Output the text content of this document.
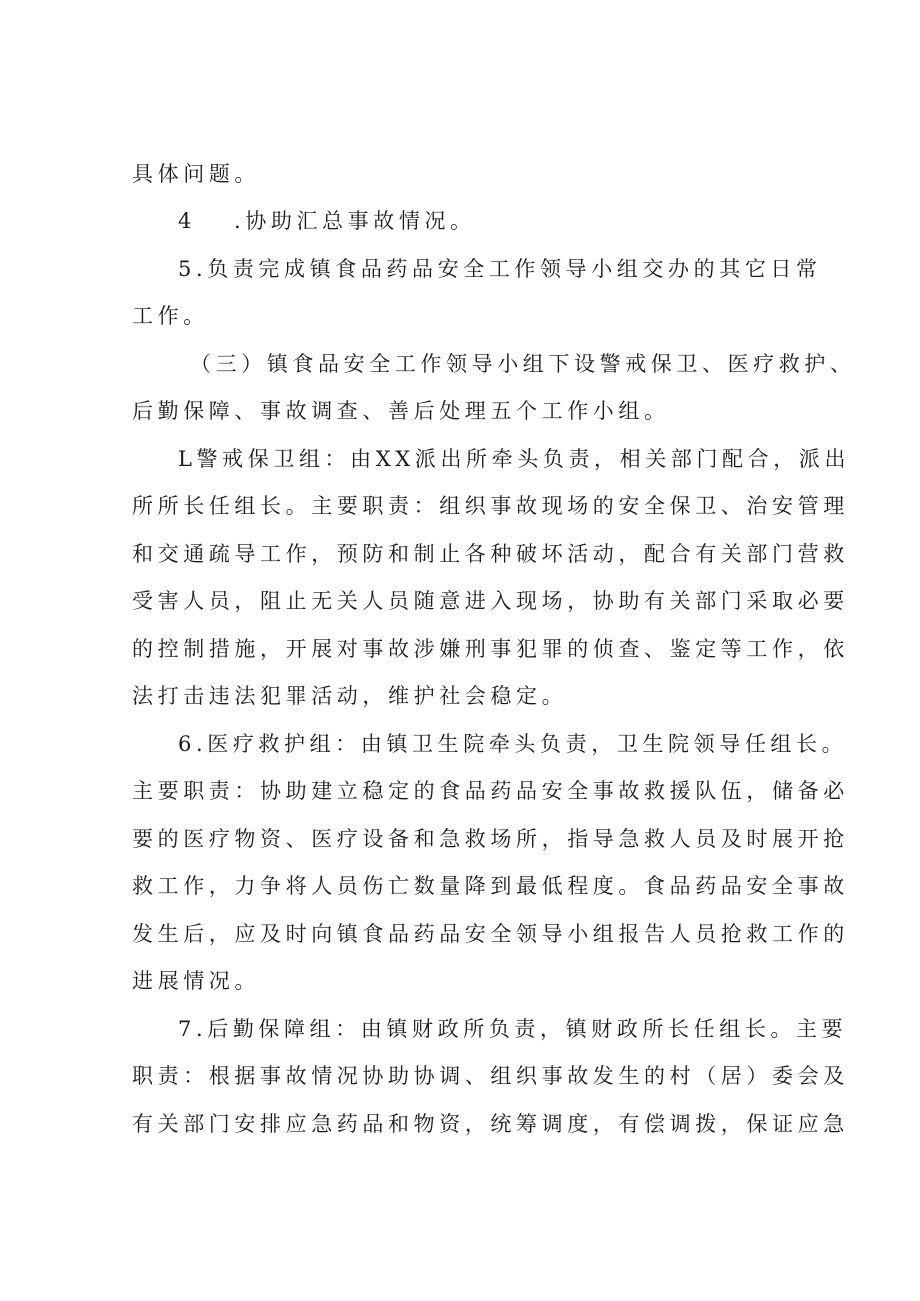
具体问题。
4 .协助汇总事故情况。
5.负责完成镇食品药品安全工作领导小组交办的其它日常
工作。
（三）镇食品安全工作领导小组下设警戒保卫、医疗救护、
后勤保障、事故调查、善后处理五个工作小组。
L警戒保卫组：由XX派出所牵头负责，相关部门配合，派出
所所长任组长。主要职责：组织事故现场的安全保卫、治安管理
和交通疏导工作，预防和制止各种破坏活动，配合有关部门营救
受害人员，阻止无关人员随意进入现场，协助有关部门采取必要
的控制措施，开展对事故涉嫌刑事犯罪的侦查、鉴定等工作，依
法打击违法犯罪活动，维护社会稳定。
6.医疗救护组：由镇卫生院牵头负责，卫生院领导任组长。
主要职责：协助建立稳定的食品药品安全事故救援队伍，储备必
要的医疗物资、医疗设备和急救场所，指导急救人员及时展开抢
救工作，力争将人员伤亡数量降到最低程度。食品药品安全事故
发生后，应及时向镇食品药品安全领导小组报告人员抢救工作的
进展情况。
7.后勤保障组：由镇财政所负责，镇财政所长任组长。主要
职责：根据事故情况协助协调、组织事故发生的村（居）委会及
有关部门安排应急药品和物资，统筹调度，有偿调拨，保证应急
